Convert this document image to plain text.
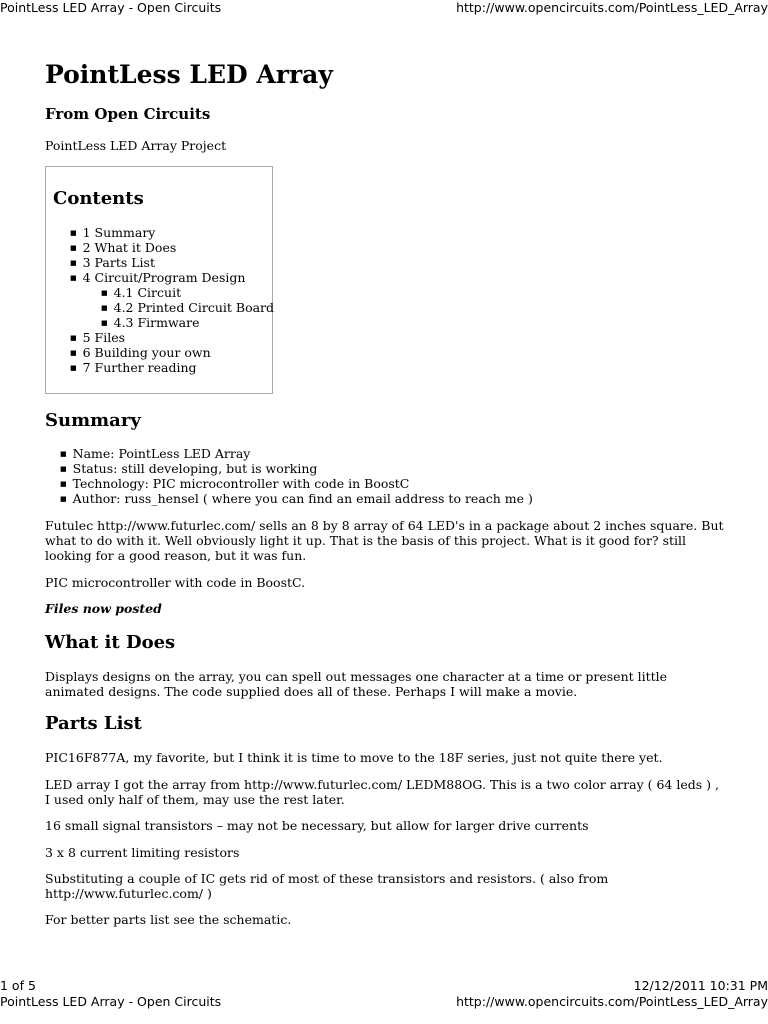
PointLess LED Array - Open Circuits	http://www.opencircuits.com/PointLess_LED_Array
PointLess LED Array
From Open Circuits
PointLess LED Array Project
Contents
■ 1 Summary
■ 2 What it Does
■ 3 Parts List
■ 4 Circuit/Program Design
■ 4.1 Circuit
■ 4.2 Printed Circuit Board
■ 4.3 Firmware
■ 5 Files
■ 6 Building your own
■ 7 Further reading
Summary
■ Name: PointLess LED Array
■ Status: still developing, but is working
■ Technology: PIC microcontroller with code in BoostC
■ Author: russ_hensel ( where you can find an email address to reach me )

Futulec http://www.futurlec.com/ sells an 8 by 8 array of 64 LED's in a package about 2 inches square. But what to do with it. Well obviously light it up. That is the basis of this project. What is it good for? still looking for a good reason, but it was fun.

PIC microcontroller with code in BoostC.

Files now posted

What it Does

Displays designs on the array, you can spell out messages one character at a time or present little animated designs. The code supplied does all of these. Perhaps I will make a movie.

Parts List

PIC16F877A, my favorite, but I think it is time to move to the 18F series, just not quite there yet.

LED array I got the array from http://www.futurlec.com/ LEDM88OG. This is a two color array ( 64 leds ) , I used only half of them, may use the rest later.

16 small signal transistors – may not be necessary, but allow for larger drive currents

3 x 8 current limiting resistors

Substituting a couple of IC gets rid of most of these transistors and resistors. ( also from http://www.futurlec.com/ )

For better parts list see the schematic.

1 of 5	12/12/2011 10:31 PM
PointLess LED Array - Open Circuits	http://www.opencircuits.com/PointLess_LED_Array
